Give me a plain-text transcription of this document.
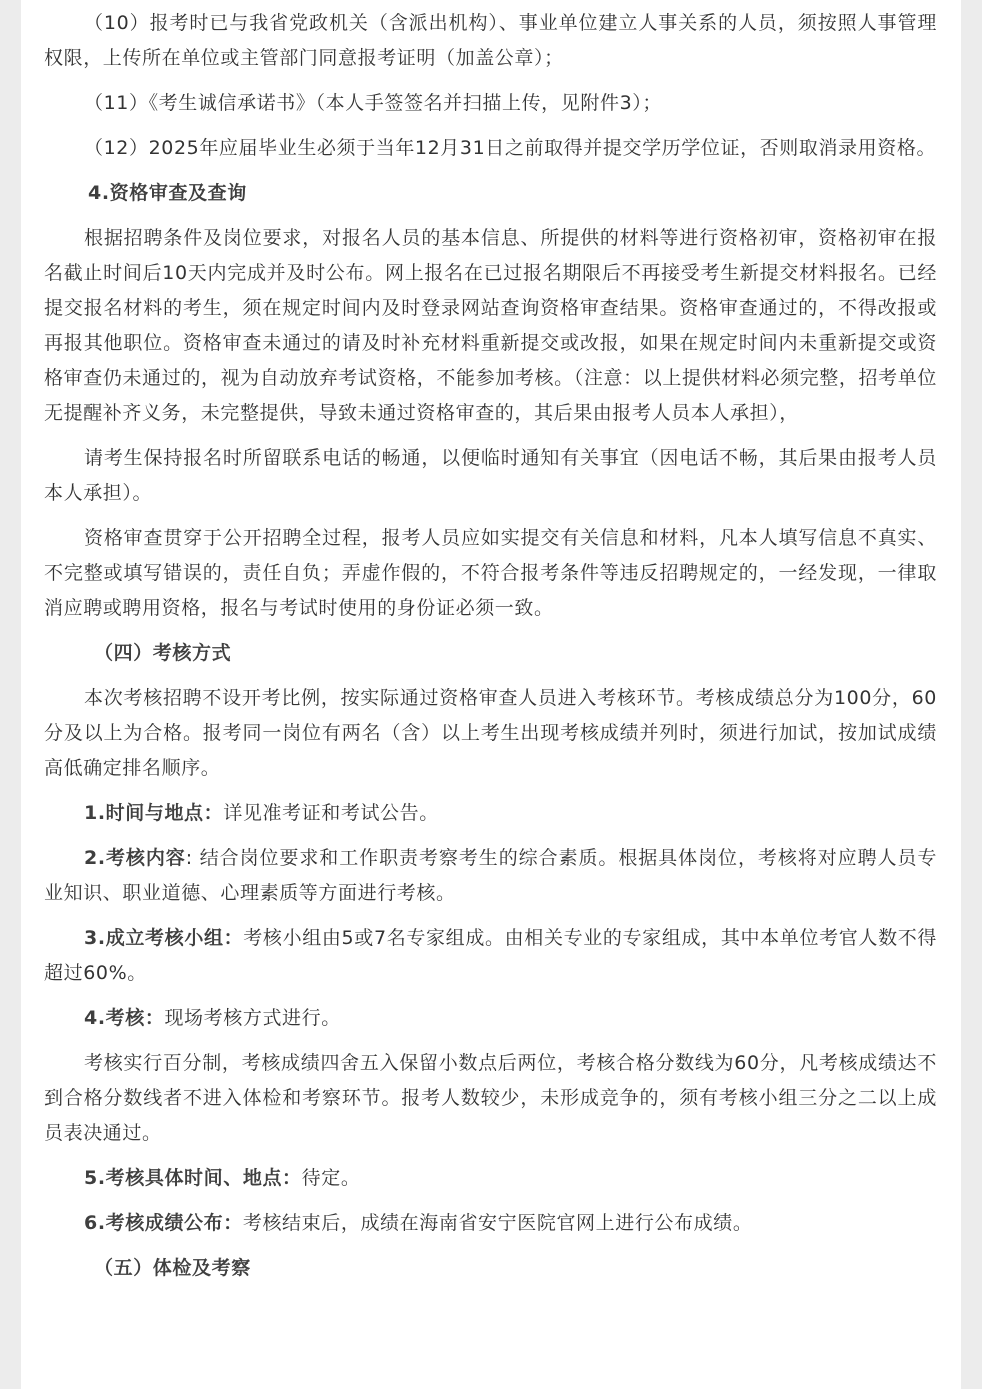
（10）报考时已与我省党政机关（含派出机构）、事业单位建立人事关系的人员，须按照人事管理权限，上传所在单位或主管部门同意报考证明（加盖公章）；

（11）《考生诚信承诺书》（本人手签签名并扫描上传，见附件3）；

（12）2025年应届毕业生必须于当年12月31日之前取得并提交学历学位证，否则取消录用资格。

4.资格审查及查询

根据招聘条件及岗位要求，对报名人员的基本信息、所提供的材料等进行资格初审，资格初审在报名截止时间后10天内完成并及时公布。网上报名在已过报名期限后不再接受考生新提交材料报名。已经提交报名材料的考生，须在规定时间内及时登录网站查询资格审查结果。资格审查通过的，不得改报或再报其他职位。资格审查未通过的请及时补充材料重新提交或改报，如果在规定时间内未重新提交或资格审查仍未通过的，视为自动放弃考试资格，不能参加考核。（注意：以上提供材料必须完整，招考单位无提醒补齐义务，未完整提供，导致未通过资格审查的，其后果由报考人员本人承担），

请考生保持报名时所留联系电话的畅通，以便临时通知有关事宜（因电话不畅，其后果由报考人员本人承担）。

资格审查贯穿于公开招聘全过程，报考人员应如实提交有关信息和材料，凡本人填写信息不真实、不完整或填写错误的，责任自负；弄虚作假的，不符合报考条件等违反招聘规定的，一经发现，一律取消应聘或聘用资格，报名与考试时使用的身份证必须一致。

（四）考核方式

本次考核招聘不设开考比例，按实际通过资格审查人员进入考核环节。考核成绩总分为100分，60分及以上为合格。报考同一岗位有两名（含）以上考生出现考核成绩并列时，须进行加试，按加试成绩高低确定排名顺序。

1.时间与地点：详见准考证和考试公告。

2.考核内容: 结合岗位要求和工作职责考察考生的综合素质。根据具体岗位，考核将对应聘人员专业知识、职业道德、心理素质等方面进行考核。

3.成立考核小组：考核小组由5或7名专家组成。由相关专业的专家组成，其中本单位考官人数不得超过60%。

4.考核：现场考核方式进行。

考核实行百分制，考核成绩四舍五入保留小数点后两位，考核合格分数线为60分，凡考核成绩达不到合格分数线者不进入体检和考察环节。报考人数较少，未形成竞争的，须有考核小组三分之二以上成员表决通过。

5.考核具体时间、地点：待定。

6.考核成绩公布：考核结束后，成绩在海南省安宁医院官网上进行公布成绩。

（五）体检及考察
